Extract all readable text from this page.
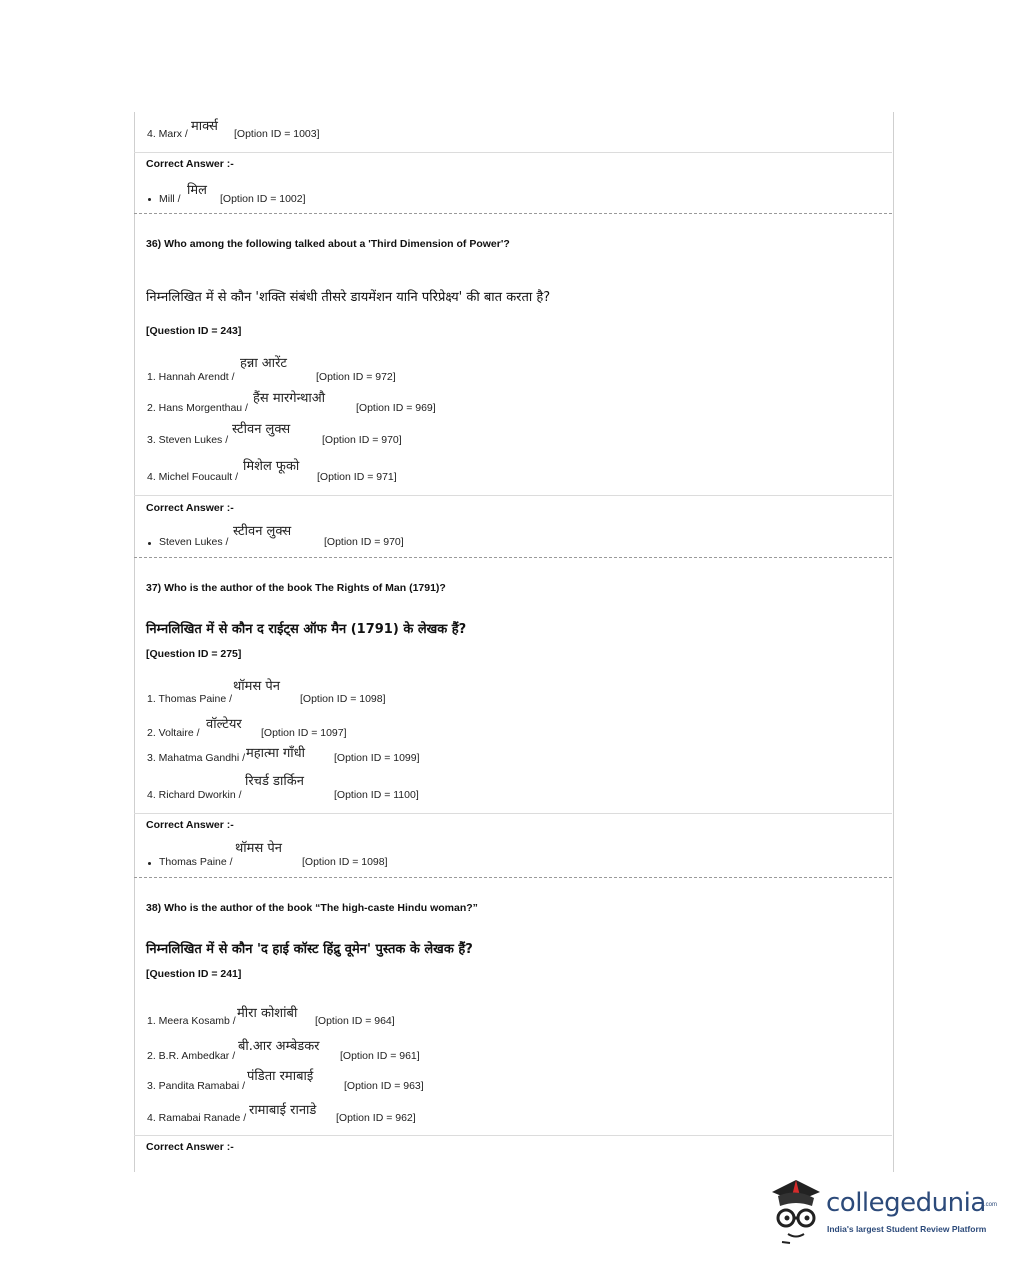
मार्क्स
4. Marx /	[Option ID = 1003]
Correct Answer :-
मिल
Mill /	[Option ID = 1002]
36) Who among the following talked about a 'Third Dimension of Power'?
निम्नलिखित में से कौन 'शक्ति संबंधी तीसरे डायमेंशन यानि परिप्रेक्ष्य' की बात करता है?
[Question ID = 243]
हन्ना आरेंट
1. Hannah Arendt /	[Option ID = 972]
हैंस मारगेन्थाऔ
2. Hans Morgenthau /	[Option ID = 969]
स्टीवन लुक्स
3. Steven Lukes /	[Option ID = 970]
मिशेल फूको
4. Michel Foucault /	[Option ID = 971]
Correct Answer :-
स्टीवन लुक्स
Steven Lukes /	[Option ID = 970]
37) Who is the author of the book The Rights of Man (1791)?
निम्नलिखित में से कौन द राईट्स ऑफ मैन (1791) के लेखक हैं?
[Question ID = 275]
थॉमस पेन
1. Thomas Paine /	[Option ID = 1098]
वॉल्टेयर
2. Voltaire /	[Option ID = 1097]
महात्मा गाँधी
3. Mahatma Gandhi /	[Option ID = 1099]
रिचर्ड डार्किन
4. Richard Dworkin /	[Option ID = 1100]
Correct Answer :-
थॉमस पेन
Thomas Paine /	[Option ID = 1098]
38) Who is the author of the book “The high-caste Hindu woman?”
निम्नलिखित में से कौन 'द हाई कॉस्ट हिंद्रु वूमेन' पुस्तक के लेखक हैं?
[Question ID = 241]
मीरा कोशांबी
1. Meera Kosamb /	[Option ID = 964]
बी.आर अम्बेडकर
2. B.R. Ambedkar /	[Option ID = 961]
पंडिता रमाबाई
3. Pandita Ramabai /	[Option ID = 963]
रामाबाई रानाडे
4. Ramabai Ranade /	[Option ID = 962]
Correct Answer :-
collegedunia
.com
India's largest Student Review Platform
